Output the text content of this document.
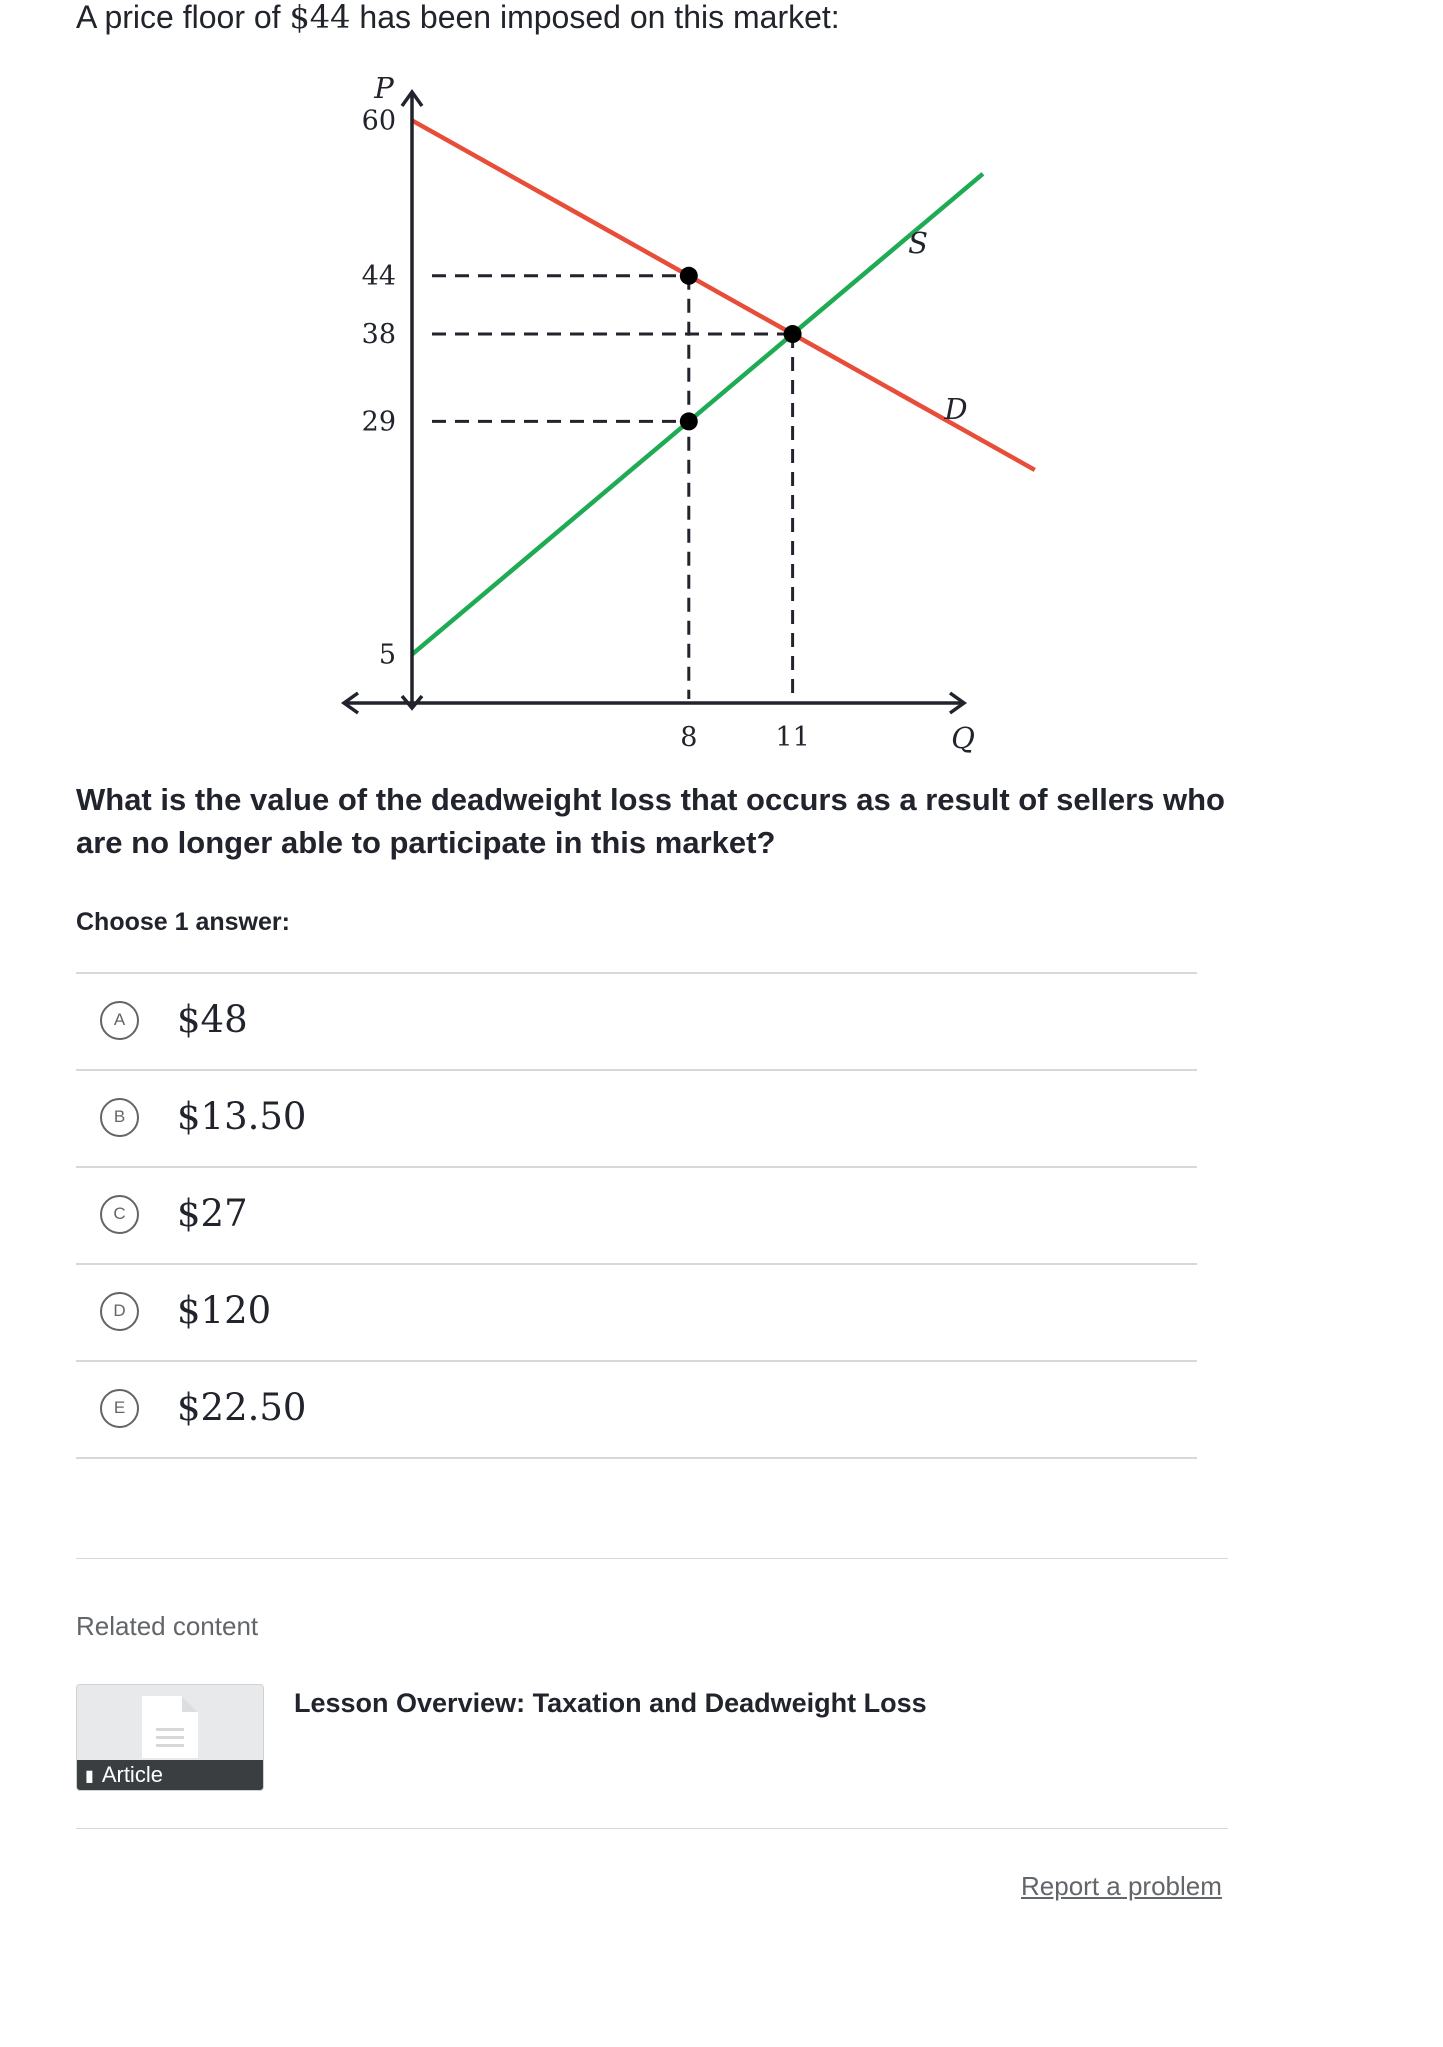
A price floor of $44 has been imposed on this market:
60
44
38
29
5
8	11
P
Q
S
D
What is the value of the deadweight loss that occurs as a result of sellers who are no longer able to participate in this market?
Choose 1 answer:
A	$48
B	$13.50
C	$27
D	$120
E	$22.50
Related content
▮ Article
Lesson Overview: Taxation and Deadweight Loss
Report a problem
